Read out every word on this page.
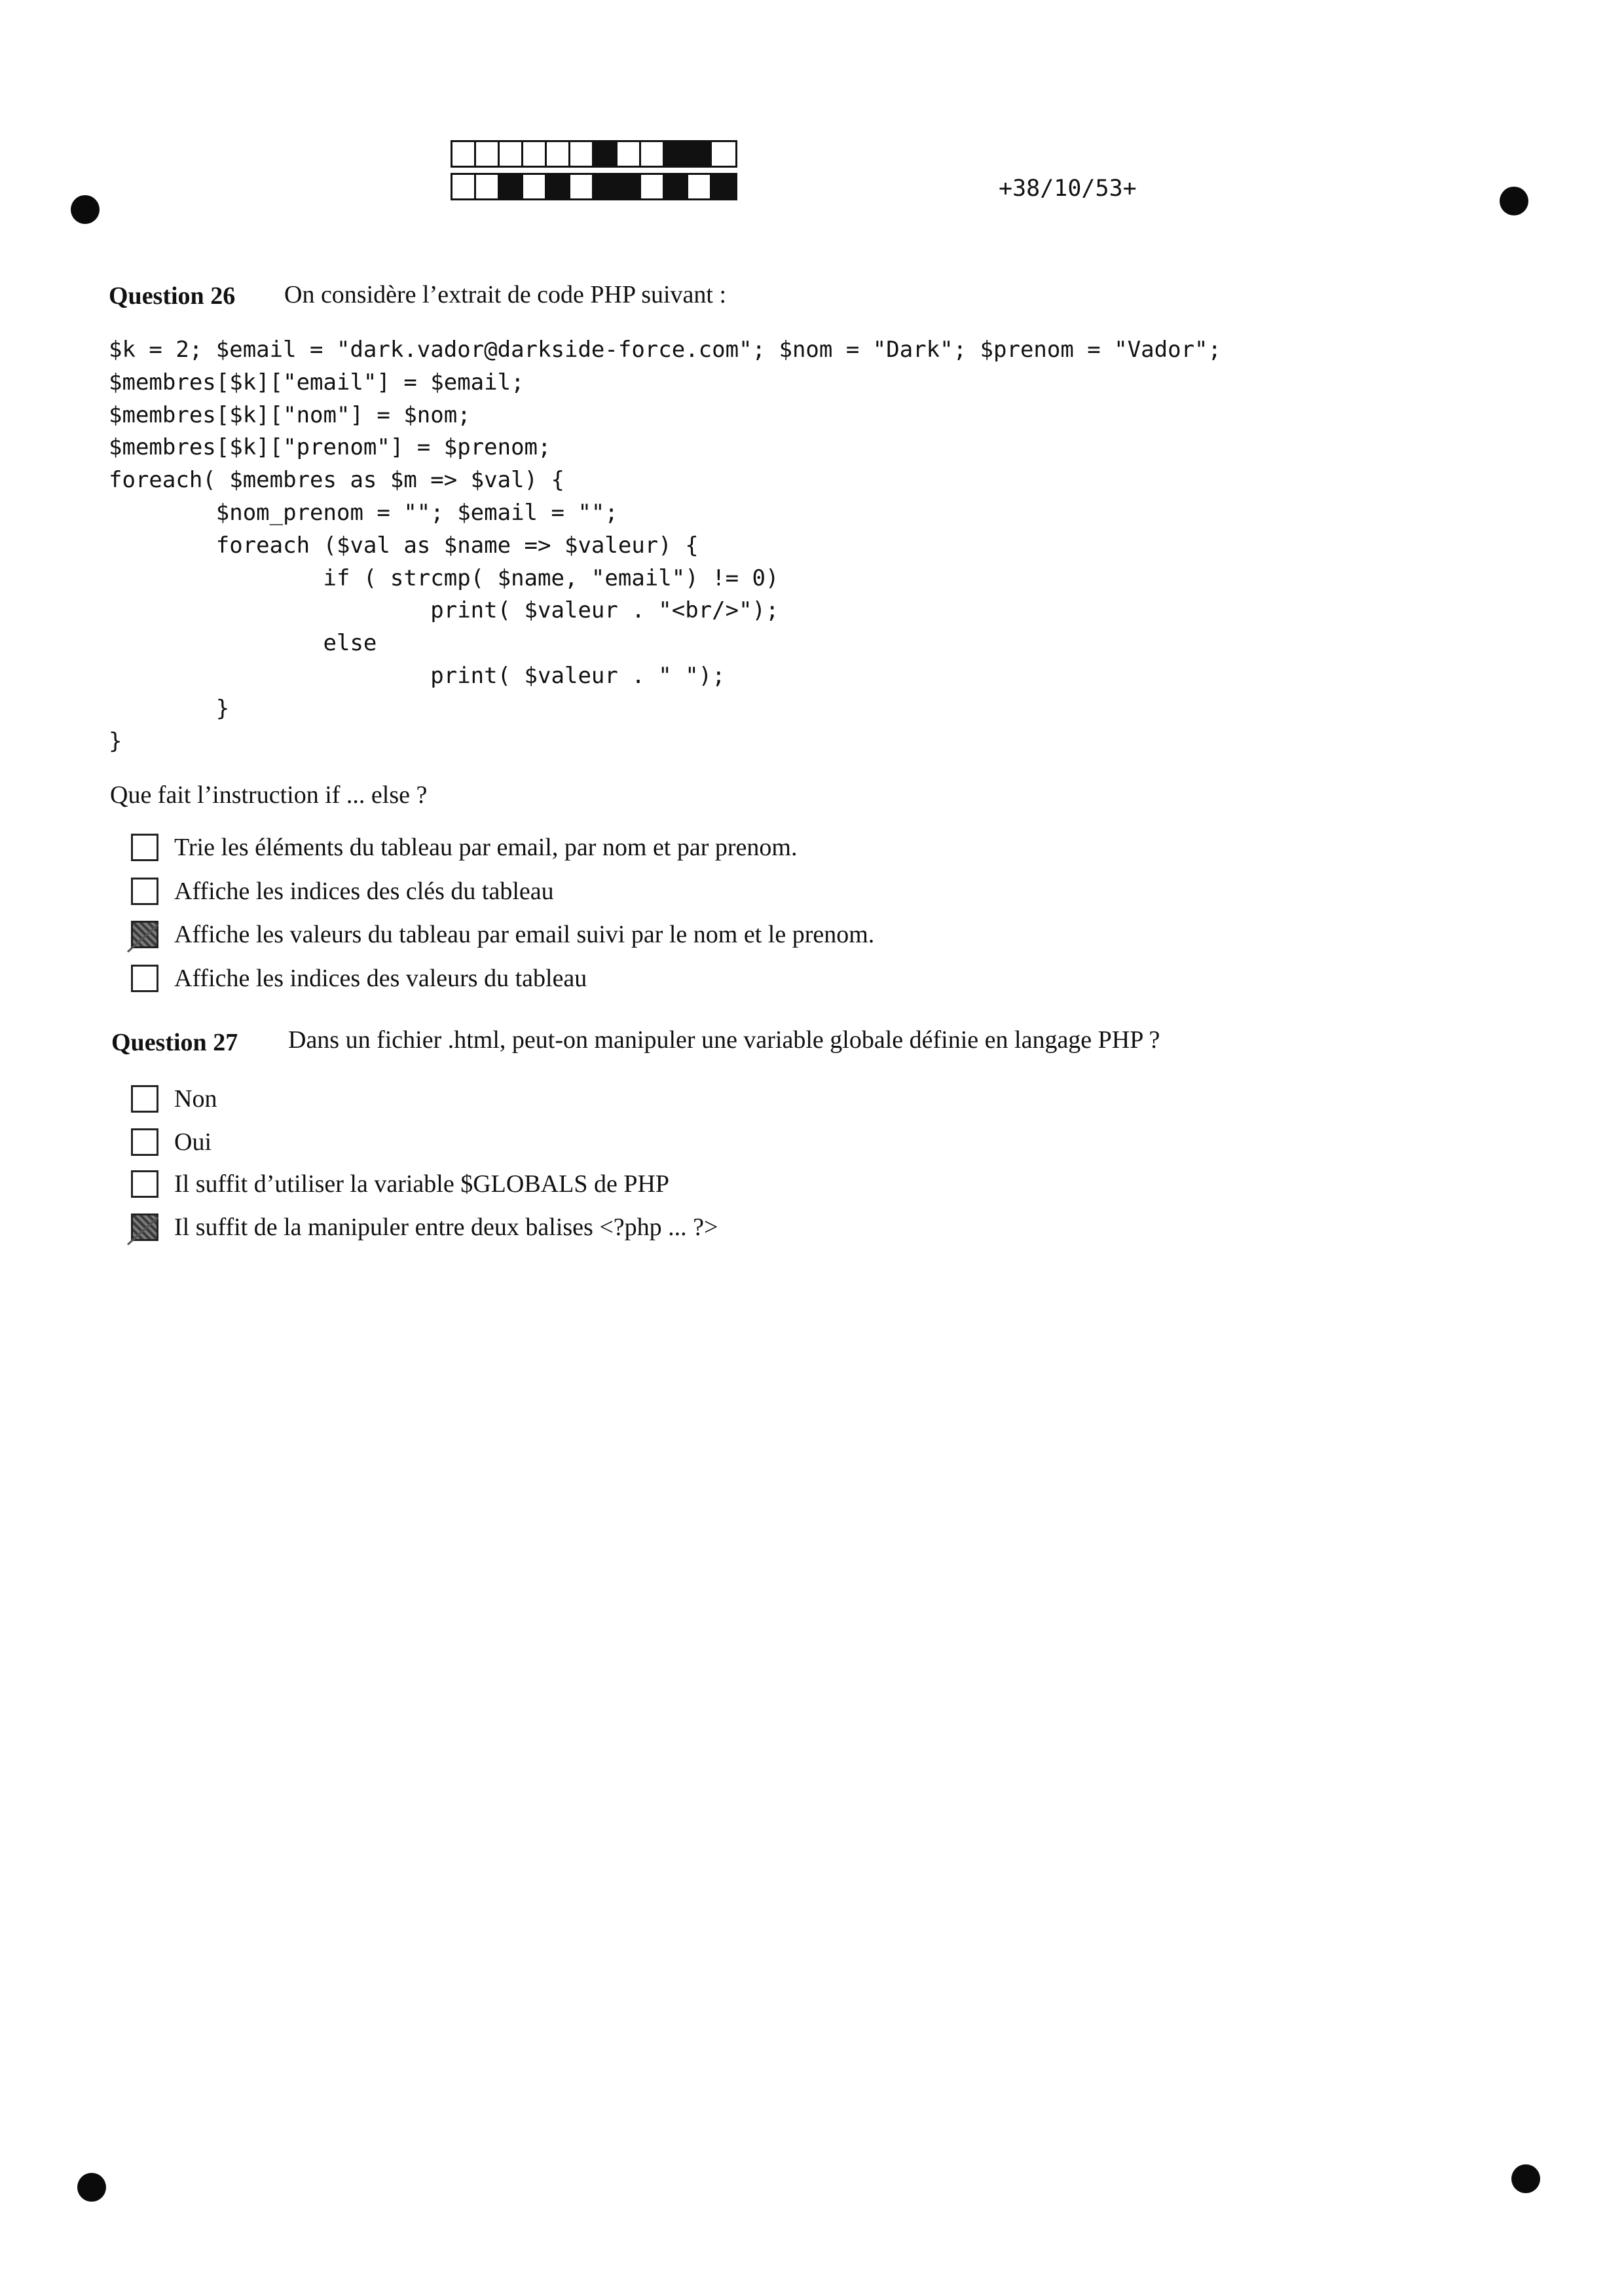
+38/10/53+
Question 26 On considère l’extrait de code PHP suivant :
$k = 2; $email = "dark.vador@darkside-force.com"; $nom = "Dark"; $prenom = "Vador";
$membres[$k]["email"] = $email;
$membres[$k]["nom"] = $nom;
$membres[$k]["prenom"] = $prenom;
foreach( $membres as $m => $val) {
$nom_prenom = ""; $email = "";
foreach ($val as $name => $valeur) {
if ( strcmp( $name, "email") != 0)
print( $valeur . "<br/>");
else
print( $valeur . " ");
}
}
Que fait l’instruction if ... else ?
Trie les éléments du tableau par email, par nom et par prenom.
Affiche les indices des clés du tableau
Affiche les valeurs du tableau par email suivi par le nom et le prenom.
Affiche les indices des valeurs du tableau
Question 27 Dans un fichier .html, peut-on manipuler une variable globale définie en langage PHP ?
Non
Oui
Il suffit d’utiliser la variable $GLOBALS de PHP
Il suffit de la manipuler entre deux balises <?php ... ?>
